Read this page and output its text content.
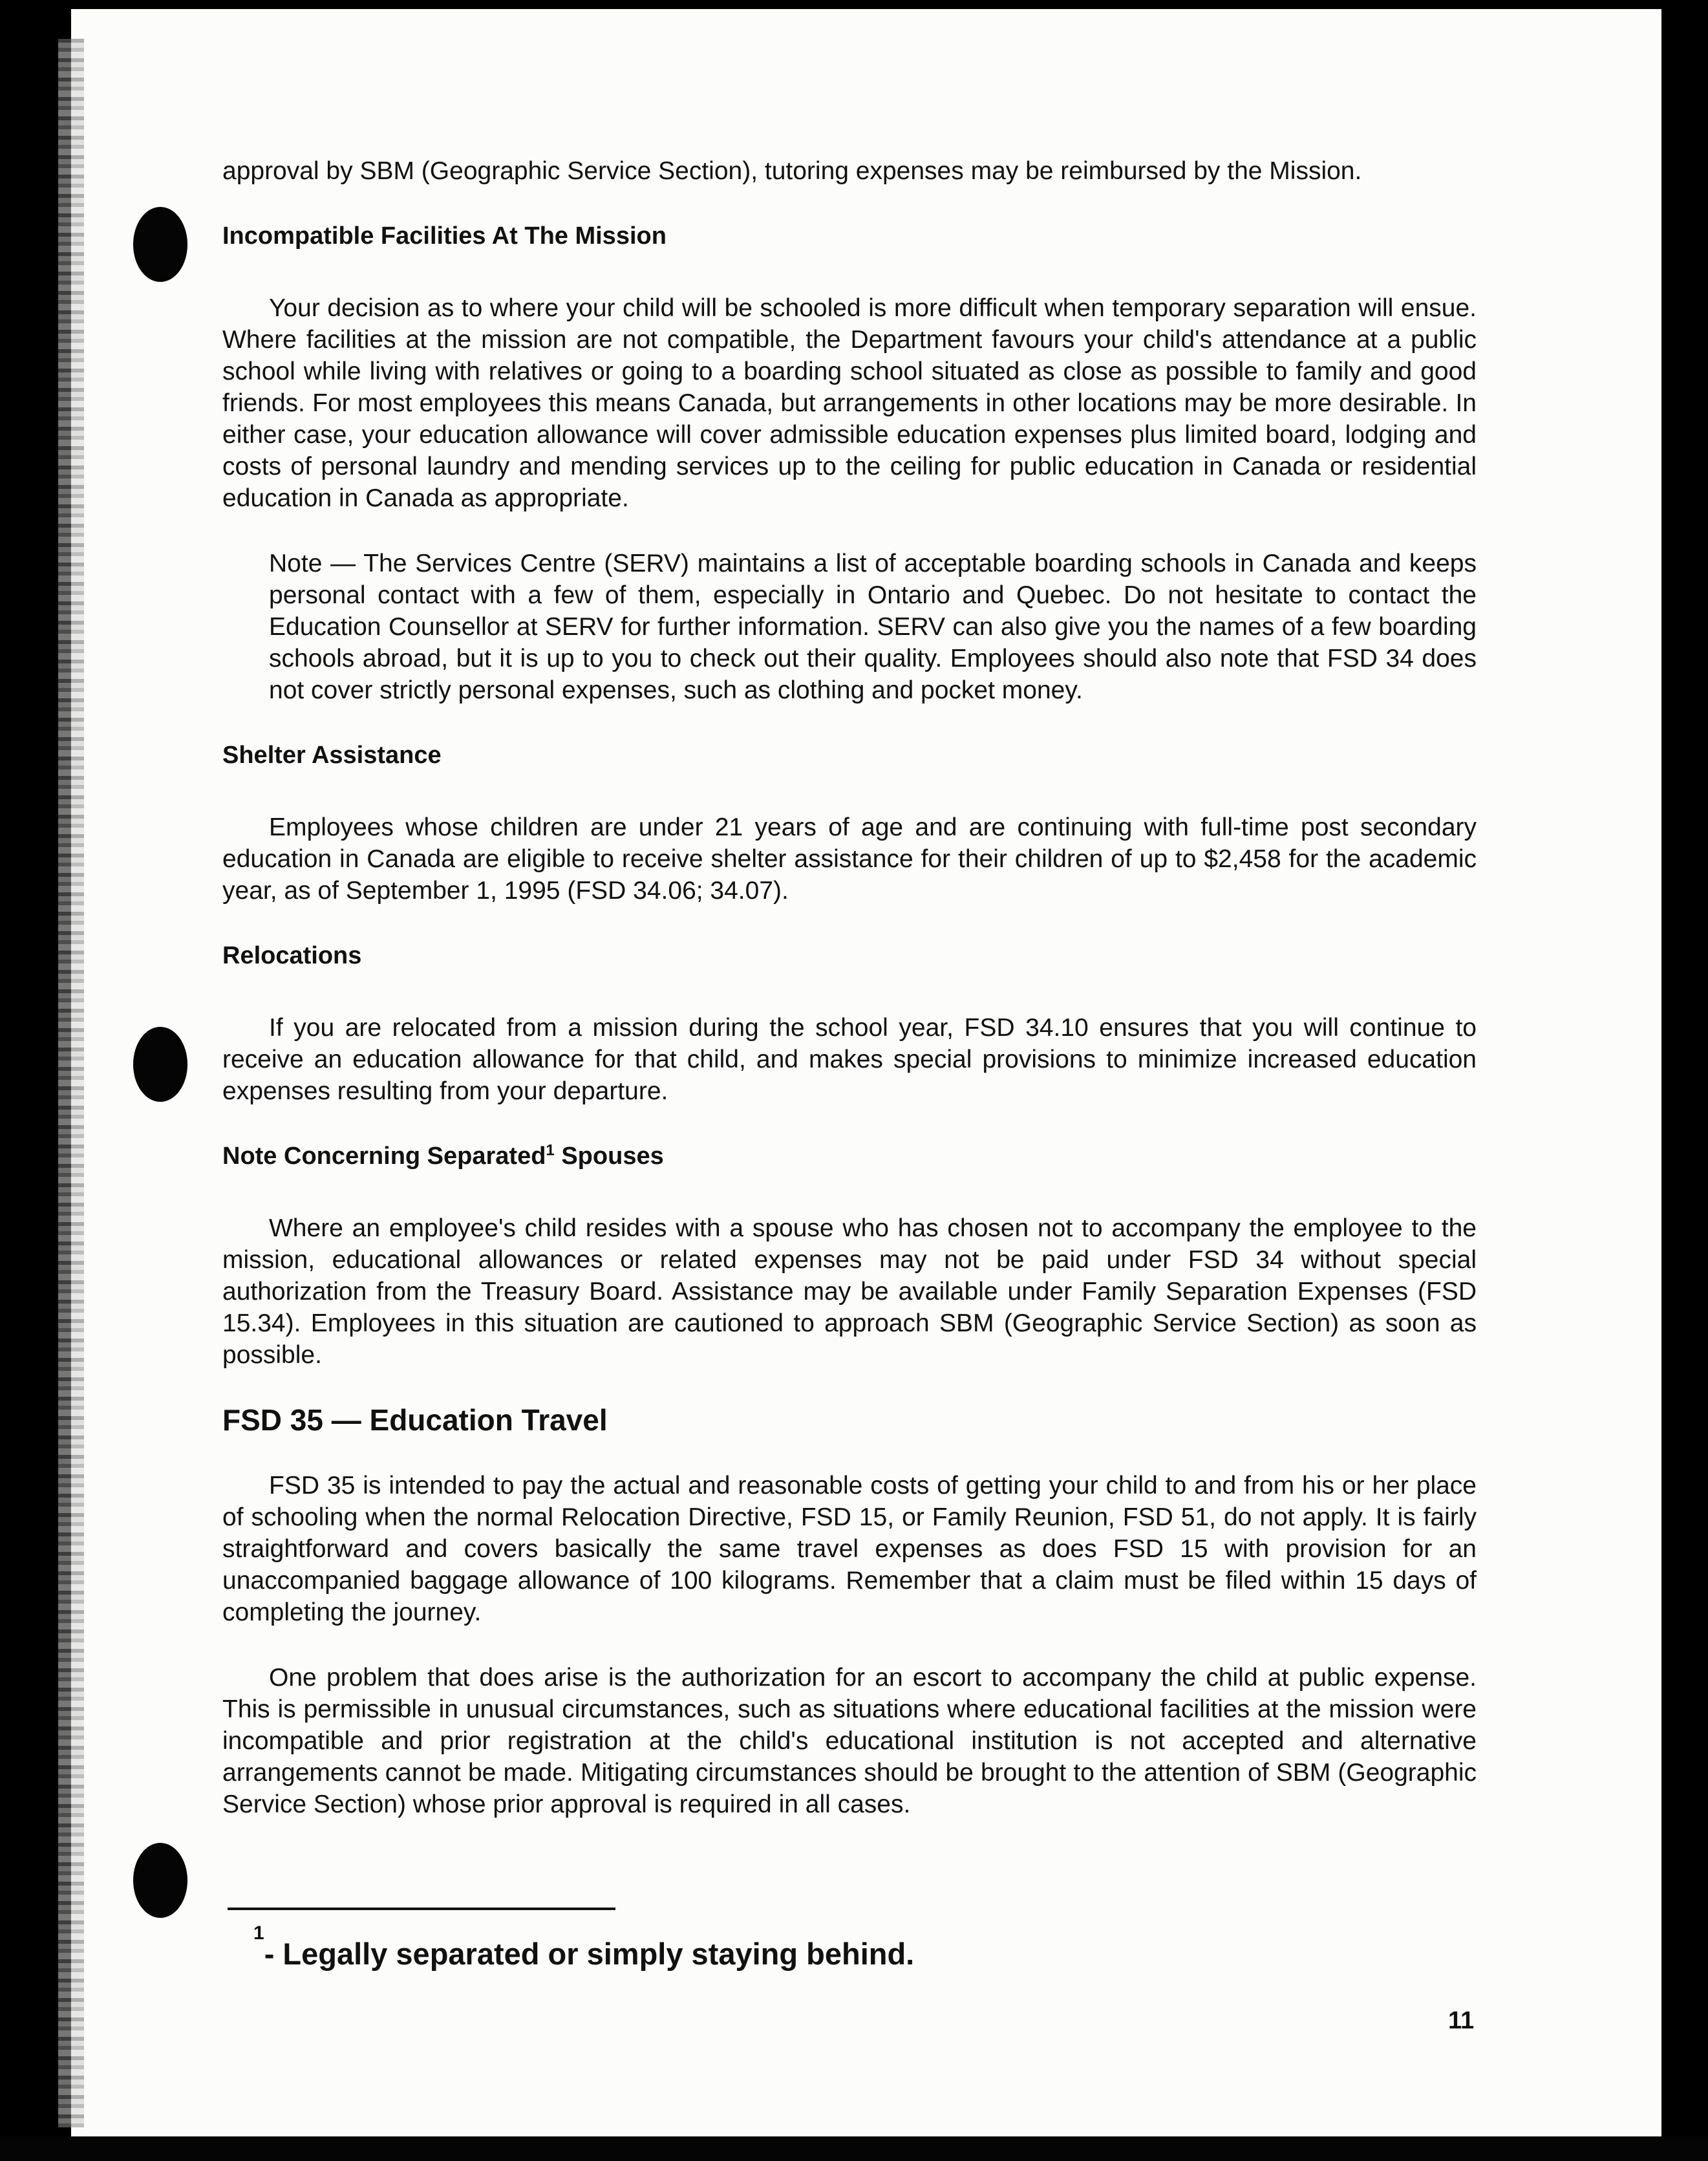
approval by SBM (Geographic Service Section), tutoring expenses may be reimbursed by the Mission.

Incompatible Facilities At The Mission

Your decision as to where your child will be schooled is more difficult when temporary separation will ensue. Where facilities at the mission are not compatible, the Department favours your child's attendance at a public school while living with relatives or going to a boarding school situated as close as possible to family and good friends. For most employees this means Canada, but arrangements in other locations may be more desirable. In either case, your education allowance will cover admissible education expenses plus limited board, lodging and costs of personal laundry and mending services up to the ceiling for public education in Canada or residential education in Canada as appropriate.

Note — The Services Centre (SERV) maintains a list of acceptable boarding schools in Canada and keeps personal contact with a few of them, especially in Ontario and Quebec. Do not hesitate to contact the Education Counsellor at SERV for further information. SERV can also give you the names of a few boarding schools abroad, but it is up to you to check out their quality. Employees should also note that FSD 34 does not cover strictly personal expenses, such as clothing and pocket money.

Shelter Assistance

Employees whose children are under 21 years of age and are continuing with full-time post secondary education in Canada are eligible to receive shelter assistance for their children of up to $2,458 for the academic year, as of September 1, 1995 (FSD 34.06; 34.07).

Relocations

If you are relocated from a mission during the school year, FSD 34.10 ensures that you will continue to receive an education allowance for that child, and makes special provisions to minimize increased education expenses resulting from your departure.

Note Concerning Separated$^1$ Spouses

Where an employee's child resides with a spouse who has chosen not to accompany the employee to the mission, educational allowances or related expenses may not be paid under FSD 34 without special authorization from the Treasury Board. Assistance may be available under Family Separation Expenses (FSD 15.34). Employees in this situation are cautioned to approach SBM (Geographic Service Section) as soon as possible.

FSD 35 — Education Travel

FSD 35 is intended to pay the actual and reasonable costs of getting your child to and from his or her place of schooling when the normal Relocation Directive, FSD 15, or Family Reunion, FSD 51, do not apply. It is fairly straightforward and covers basically the same travel expenses as does FSD 15 with provision for an unaccompanied baggage allowance of 100 kilograms. Remember that a claim must be filed within 15 days of completing the journey.

One problem that does arise is the authorization for an escort to accompany the child at public expense. This is permissible in unusual circumstances, such as situations where educational facilities at the mission were incompatible and prior registration at the child's educational institution is not accepted and alternative arrangements cannot be made. Mitigating circumstances should be brought to the attention of SBM (Geographic Service Section) whose prior approval is required in all cases.

$^1$- Legally separated or simply staying behind.
11
